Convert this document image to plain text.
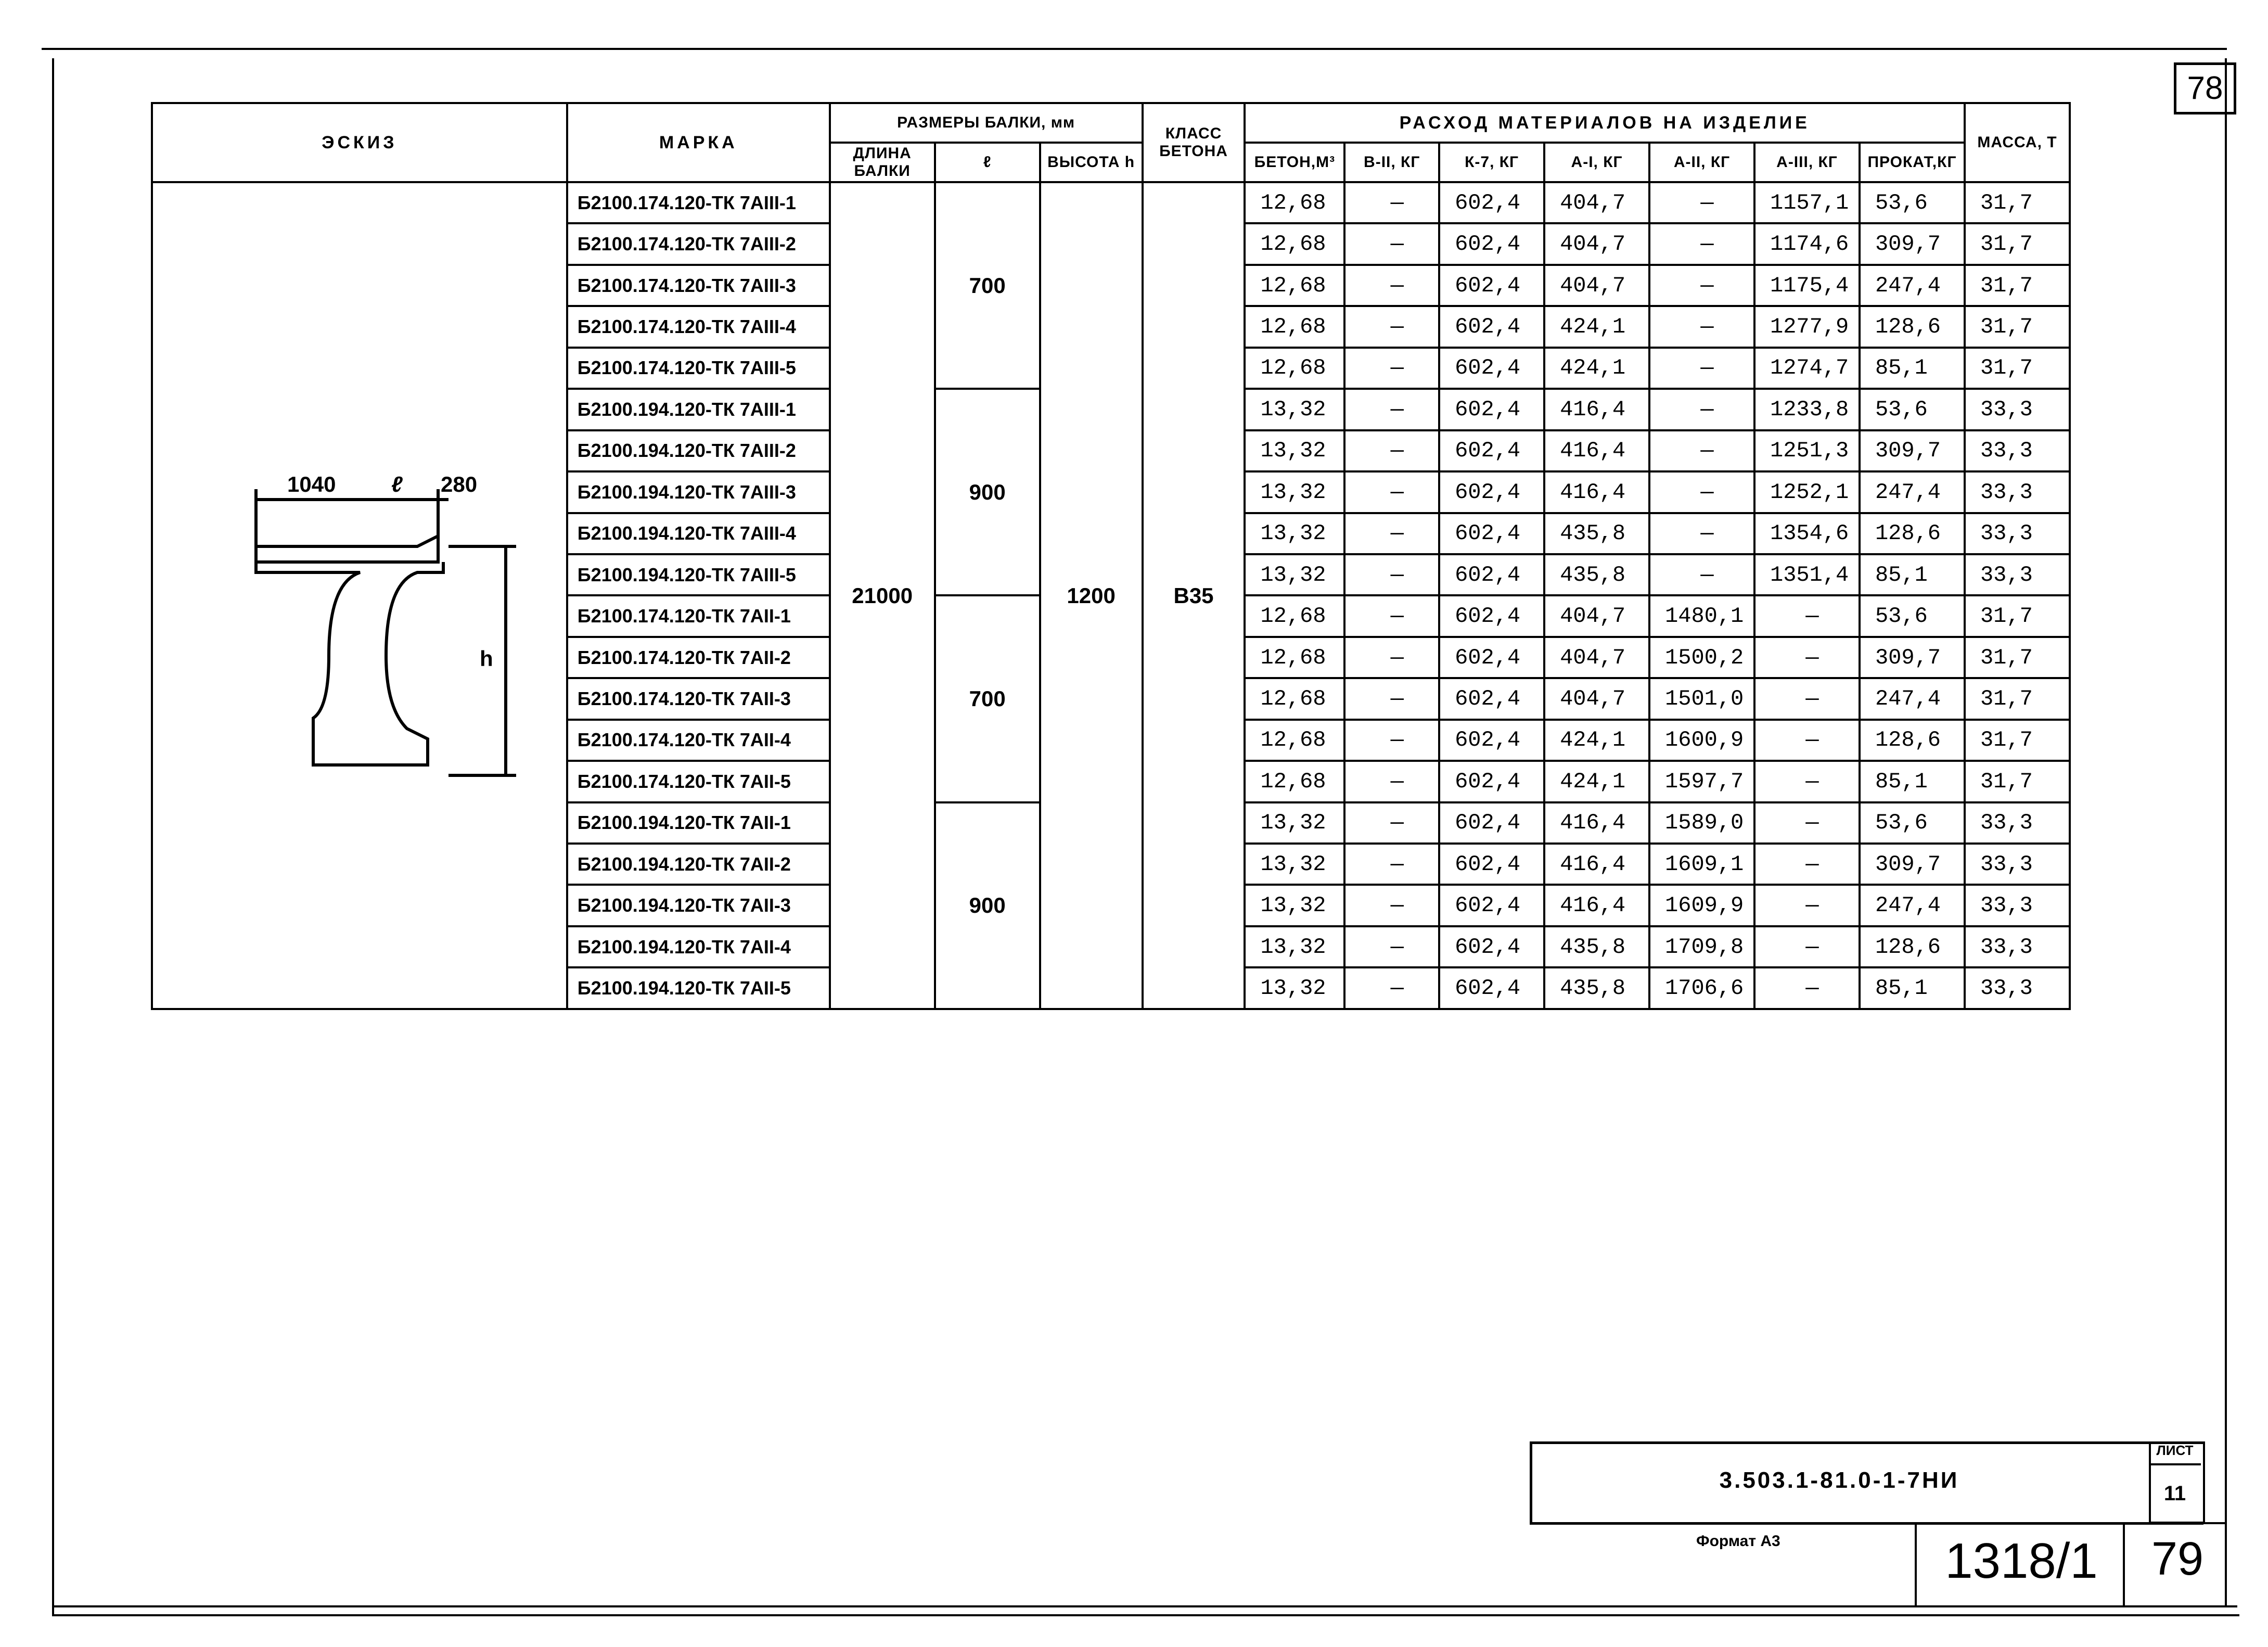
78
ЭСКИЗ	МАРКА	РАЗМЕРЫ БАЛКИ, мм			КЛАСС БЕТОНА	РАСХОД МАТЕРИАЛОВ НА ИЗДЕЛИЕ							МАССА, Т
		ДЛИНА БАЛКИ	ℓ	ВЫСОТА h		БЕТОН,М³	В-II, КГ	К-7, КГ	А-I, КГ	А-II, КГ	А-III, КГ	ПРОКАТ,КГ	

1040 ℓ 280
h	Б2100.174.120-ТК 7АIII-1	21000	700	1200	В35	12,68	—	602,4	404,7	—	1157,1	53,6	31,7
	Б2100.174.120-ТК 7АIII-2					12,68	—	602,4	404,7	—	1174,6	309,7	31,7
	Б2100.174.120-ТК 7АIII-3					12,68	—	602,4	404,7	—	1175,4	247,4	31,7
	Б2100.174.120-ТК 7АIII-4					12,68	—	602,4	424,1	—	1277,9	128,6	31,7
	Б2100.174.120-ТК 7АIII-5					12,68	—	602,4	424,1	—	1274,7	85,1	31,7
	Б2100.194.120-ТК 7АIII-1		900			13,32	—	602,4	416,4	—	1233,8	53,6	33,3
	Б2100.194.120-ТК 7АIII-2					13,32	—	602,4	416,4	—	1251,3	309,7	33,3
	Б2100.194.120-ТК 7АIII-3					13,32	—	602,4	416,4	—	1252,1	247,4	33,3
	Б2100.194.120-ТК 7АIII-4					13,32	—	602,4	435,8	—	1354,6	128,6	33,3
	Б2100.194.120-ТК 7АIII-5					13,32	—	602,4	435,8	—	1351,4	85,1	33,3
	Б2100.174.120-ТК 7АII-1		700			12,68	—	602,4	404,7	1480,1	—	53,6	31,7
	Б2100.174.120-ТК 7АII-2					12,68	—	602,4	404,7	1500,2	—	309,7	31,7
	Б2100.174.120-ТК 7АII-3					12,68	—	602,4	404,7	1501,0	—	247,4	31,7
	Б2100.174.120-ТК 7АII-4					12,68	—	602,4	424,1	1600,9	—	128,6	31,7
	Б2100.174.120-ТК 7АII-5					12,68	—	602,4	424,1	1597,7	—	85,1	31,7
	Б2100.194.120-ТК 7АII-1		900			13,32	—	602,4	416,4	1589,0	—	53,6	33,3
	Б2100.194.120-ТК 7АII-2					13,32	—	602,4	416,4	1609,1	—	309,7	33,3
	Б2100.194.120-ТК 7АII-3					13,32	—	602,4	416,4	1609,9	—	247,4	33,3
	Б2100.194.120-ТК 7АII-4					13,32	—	602,4	435,8	1709,8	—	128,6	33,3
	Б2100.194.120-ТК 7АII-5					13,32	—	602,4	435,8	1706,6	—	85,1	33,3
3.503.1-81.0-1-7НИ
ЛИСТ
11
Формат А3	1318/1	79
